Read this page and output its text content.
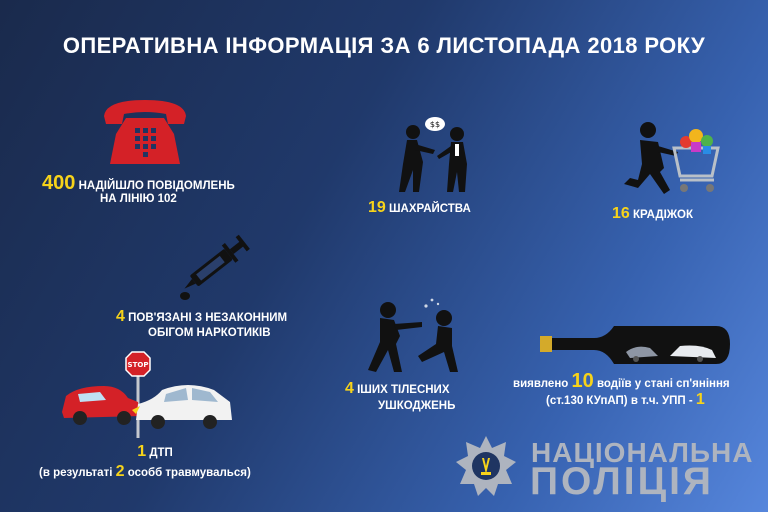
ОПЕРАТИВНА ІНФОРМАЦІЯ ЗА 6 ЛИСТОПАДА 2018 РОКУ
400 НАДІЙШЛО ПОВІДОМЛЕНЬ
НА ЛІНІЮ 102
$$
19 ШАХРАЙСТВА	16 КРАДІЖОК
4 ПОВ'ЯЗАНІ З НЕЗАКОННИМ
ОБІГОМ НАРКОТИКІВ
4 ІШИХ ТІЛЕСНИХ
УШКОДЖЕНЬ
виявлено 10 водіїв у стані сп'яніння
(ст.130 КУпАП) в т.ч. УПП - 1
STOP
1 ДТП
(в результаті 2 особб травмувалься)
НАЦІОНАЛЬНА
ПОЛІЦІЯ
